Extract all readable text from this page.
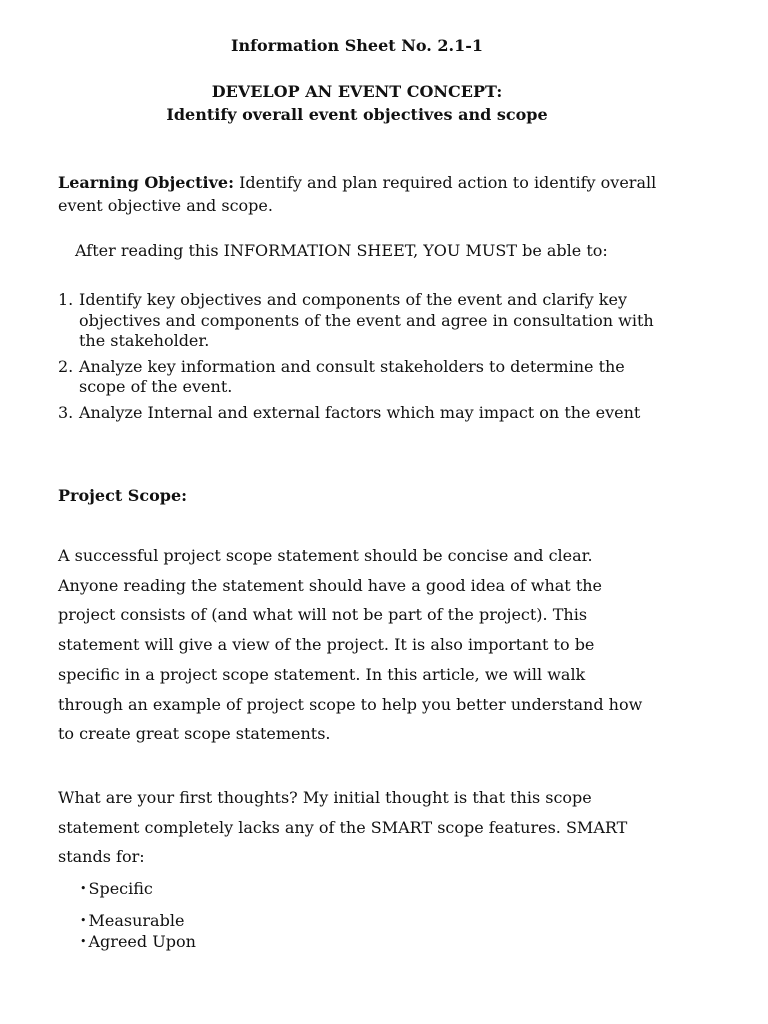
Information Sheet No. 2.1-1
DEVELOP AN EVENT CONCEPT:
Identify overall event objectives and scope
Learning Objective: Identify and plan required action to identify overall event objective and scope.
After reading this INFORMATION SHEET, YOU MUST be able to:
1. Identify key objectives and components of the event and clarify key objectives and components of the event and agree in consultation with the stakeholder.
2. Analyze key information and consult stakeholders to determine the scope of the event.
3. Analyze Internal and external factors which may impact on the event
Project Scope:
A successful project scope statement should be concise and clear. Anyone reading the statement should have a good idea of what the project consists of (and what will not be part of the project). This statement will give a view of the project. It is also important to be specific in a project scope statement. In this article, we will walk through an example of project scope to help you better understand how to create great scope statements.
What are your first thoughts? My initial thought is that this scope statement completely lacks any of the SMART scope features. SMART stands for:
• Specific
• Measurable
• Agreed Upon
